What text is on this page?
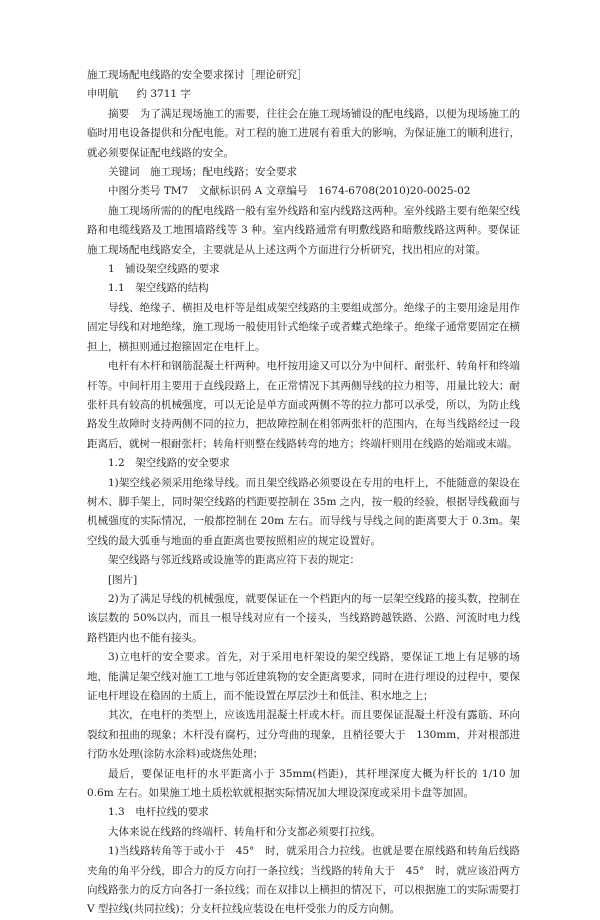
施工现场配电线路的安全要求探讨［理论研究］

申明航 约 3711 字

摘要　为了满足现场施工的需要，往往会在施工现场铺设的配电线路，以便为现场施工的临时用电设备提供和分配电能。对工程的施工进展有着重大的影响，为保证施工的顺利进行，就必须要保证配电线路的安全。

关键词　施工现场；配电线路；安全要求

中图分类号 TM7　文献标识码 A 文章编号　1674-6708(2010)20-0025-02

施工现场所需的的配电线路一般有室外线路和室内线路这两种。室外线路主要有绝架空线路和电缆线路及工地围墙路线等 3 种。室内线路通常有明敷线路和暗敷线路这两种。要保证施工现场配电线路安全，主要就是从上述这两个方面进行分析研究，找出相应的对策。

1　铺设架空线路的要求

1.1　架空线路的结构

导线、绝缘子、横担及电杆等是组成架空线路的主要组成部分。绝缘子的主要用途是用作固定导线和对地绝缘，施工现场一般使用针式绝缘子或者蝶式绝缘子。绝缘子通常要固定在横担上，横担则通过抱箍固定在电杆上。

电杆有木杆和钢筋混凝土杆两种。电杆按用途又可以分为中间杆、耐张杆、转角杆和终端杆等。中间杆用主要用于直线段路上，在正常情况下其两侧导线的拉力相等，用量比较大；耐张杆具有较高的机械强度，可以无论是单方面或两侧不等的拉力都可以承受，所以，为防止线路发生故障时支持两侧不同的拉力，把故障控制在相邻两张杆的范围内，在每当线路经过一段距离后，就树一根耐张杆；转角杆则整在线路转弯的地方；终端杆则用在线路的始端或末端。

1.2　架空线路的安全要求

1)架空线必须采用绝缘导线。而且架空线路必须要设在专用的电杆上，不能随意的架设在树木、脚手架上，同时架空线路的档距要控制在 35m 之内，按一般的经验，根据导线截面与机械强度的实际情况，一般都控制在 20m 左右。而导线与导线之间的距离要大于 0.3m。架空线的最大弧垂与地面的垂直距离也要按照相应的规定设置好。

架空线路与邻近线路或设施等的距离应符下表的规定：

[图片]

2)为了满足导线的机械强度，就要保证在一个档距内的每一层架空线路的接头数，控制在该层数的 50%以内，而且一根导线对应有一个接头，当线路跨越铁路、公路、河流时电力线路档距内也不能有接头。

3)立电杆的安全要求。首先，对于采用电杆架设的架空线路，要保证工地上有足够的场地，能满足架空线对施工工地与邻近建筑物的安全距离要求，同时在进行埋设的过程中，要保证电杆埋设在稳固的土质上，而不能设置在厚层沙土和低洼、积水地之上；

其次，在电杆的类型上，应该选用混凝土杆或木杆。而且要保证混凝土杆没有露筋、环向裂纹和扭曲的现象；木杆没有腐朽，过分弯曲的现象，且梢径要大于　130mm，并对根部进行防水处理(涂防水涂料)或烧焦处理；

最后，要保证电杆的水平距离小于 35mm(档距)，其杆埋深度大概为杆长的 1/10 加 0.6m 左右。如果施工地土质松软就根据实际情况加大埋设深度或采用卡盘等加固。

1.3　电杆拉线的要求

大体来说在线路的终端杆、转角杆和分支都必须要打拉线。

1)当线路转角等于或小于　45°　时，就采用合力拉线。也就是要在原线路和转角后线路夹角的角平分线，即合力的反方向打一条拉线；当线路的转角大于　45°　时，就应该沿两方向线路张力的反方向各打一条拉线；而在双排以上横担的情况下，可以根据施工的实际需要打 V 型拉线(共同拉线)；分支杆拉线应装设在电杆受张力的反方向侧。
